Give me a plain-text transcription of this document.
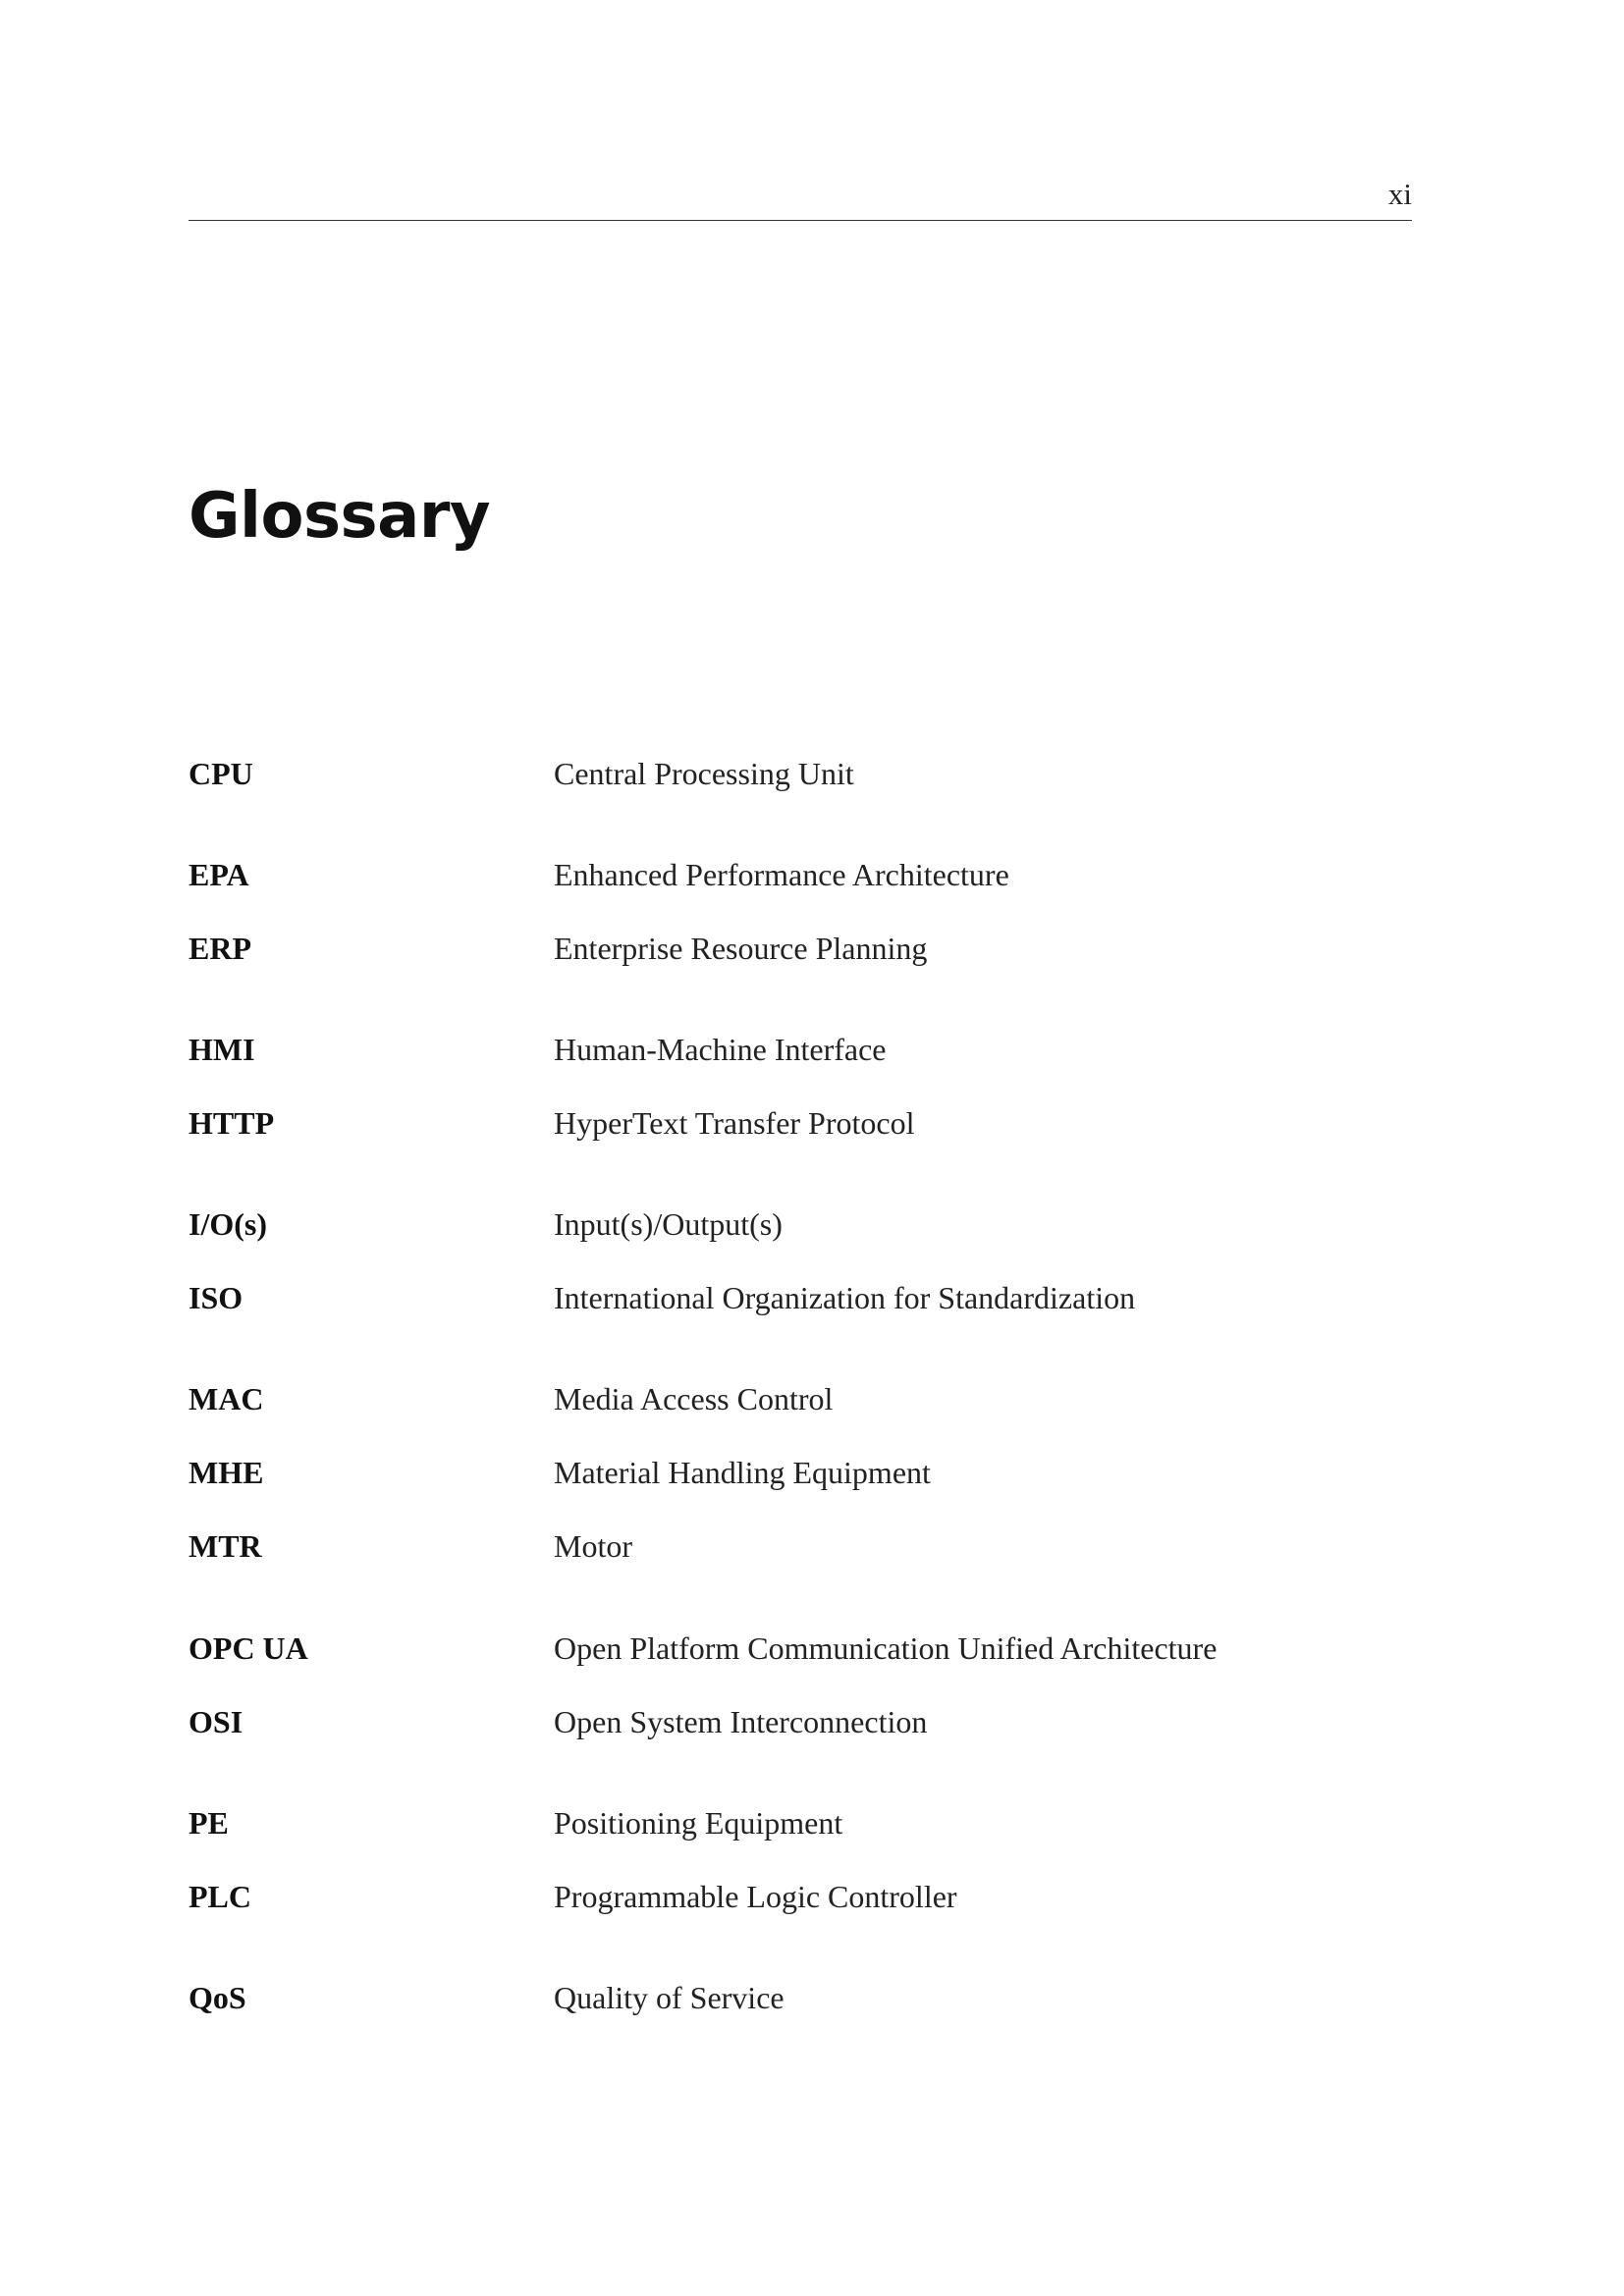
xi
Glossary
CPU	Central Processing Unit
EPA	Enhanced Performance Architecture
ERP	Enterprise Resource Planning
HMI	Human-Machine Interface
HTTP	HyperText Transfer Protocol
I/O(s)	Input(s)/Output(s)
ISO	International Organization for Standardization
MAC	Media Access Control
MHE	Material Handling Equipment
MTR	Motor
OPC UA	Open Platform Communication Unified Architecture
OSI	Open System Interconnection
PE	Positioning Equipment
PLC	Programmable Logic Controller
QoS	Quality of Service
